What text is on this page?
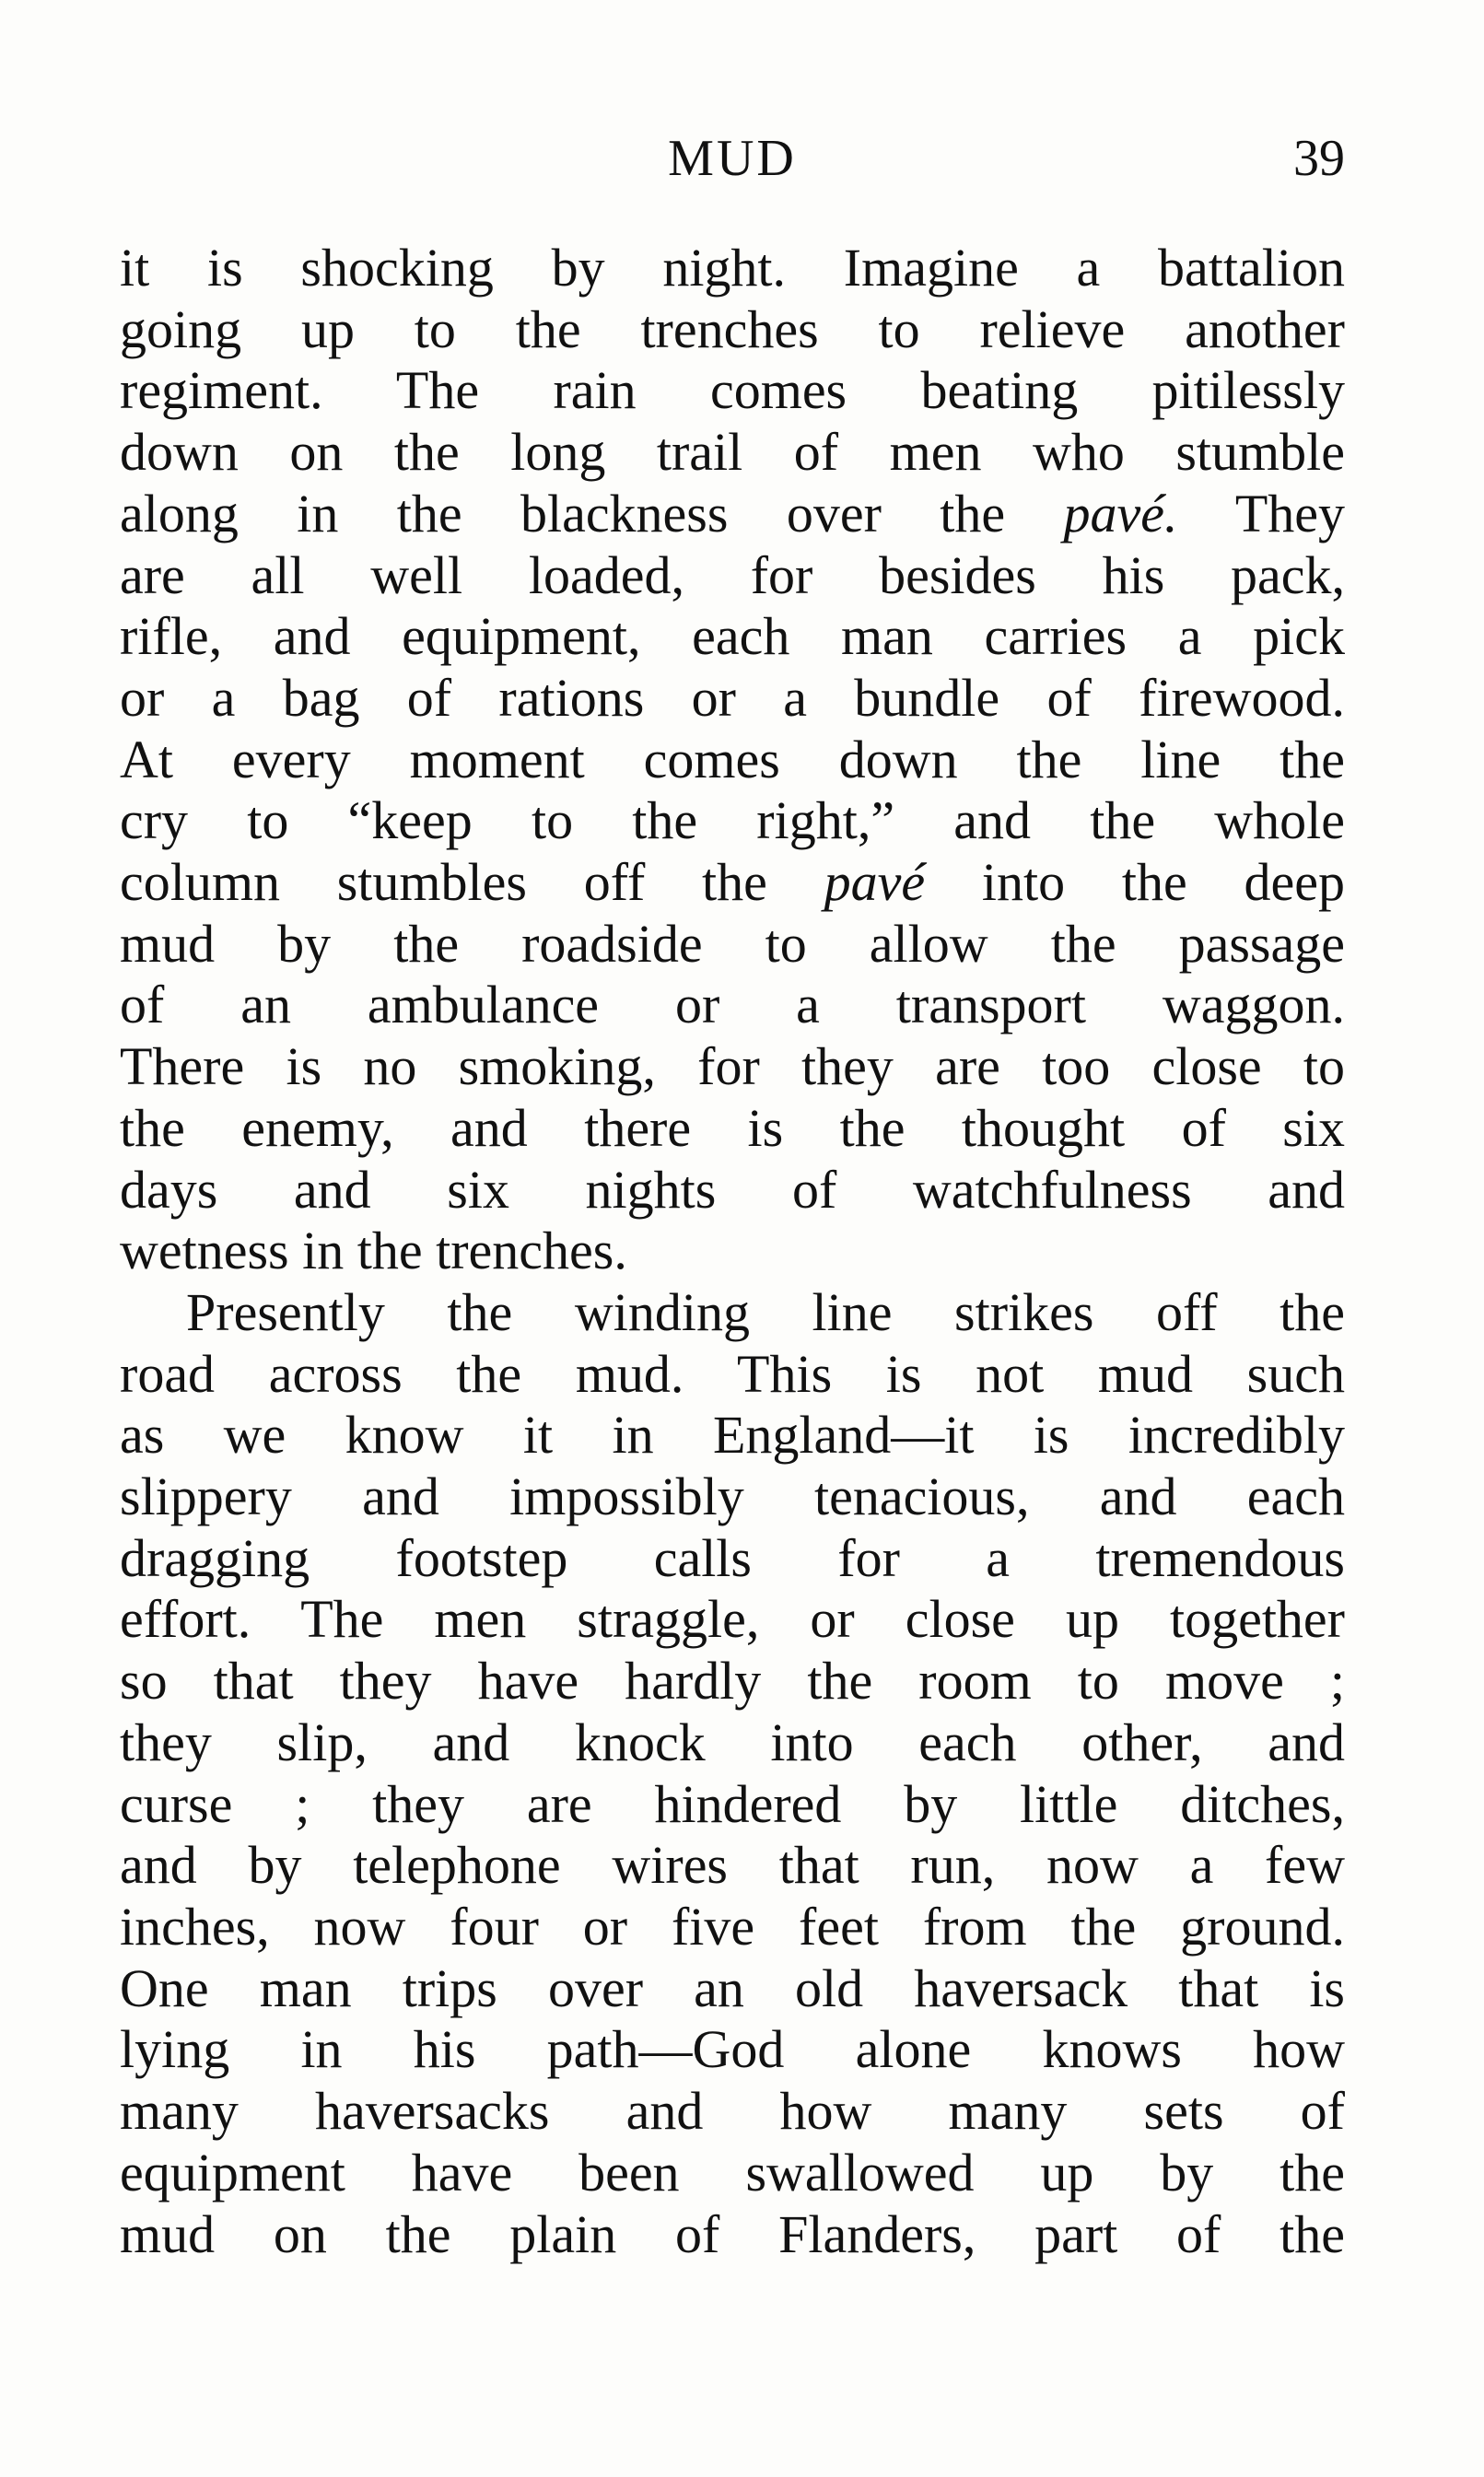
MUD	39
it is shocking by night. Imagine a battalion
going up to the trenches to relieve another
regiment. The rain comes beating pitilessly
down on the long trail of men who stumble
along in the blackness over the pavé. They
are all well loaded, for besides his pack,
rifle, and equipment, each man carries a pick
or a bag of rations or a bundle of firewood.
At every moment comes down the line the
cry to “keep to the right,” and the whole
column stumbles off the pavé into the deep
mud by the roadside to allow the passage
of an ambulance or a transport waggon.
There is no smoking, for they are too close to
the enemy, and there is the thought of six
days and six nights of watchfulness and
wetness in the trenches.
Presently the winding line strikes off the
road across the mud. This is not mud such
as we know it in England—it is incredibly
slippery and impossibly tenacious, and each
dragging footstep calls for a tremendous
effort. The men straggle, or close up together
so that they have hardly the room to move ;
they slip, and knock into each other, and
curse ; they are hindered by little ditches,
and by telephone wires that run, now a few
inches, now four or five feet from the ground.
One man trips over an old haversack that is
lying in his path—God alone knows how
many haversacks and how many sets of
equipment have been swallowed up by the
mud on the plain of Flanders, part of the
